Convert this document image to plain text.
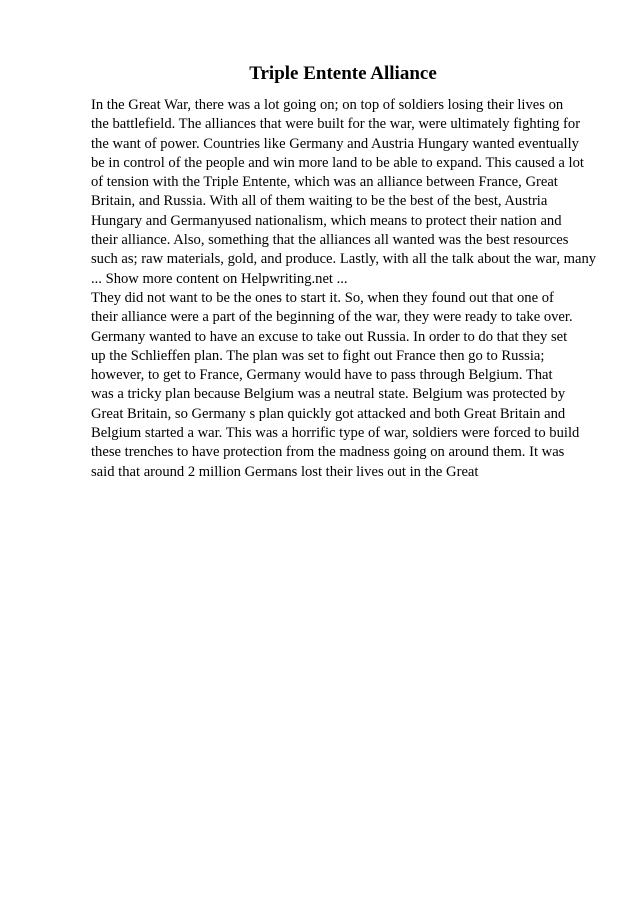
Triple Entente Alliance
In the Great War, there was a lot going on; on top of soldiers losing their lives on
the battlefield. The alliances that were built for the war, were ultimately fighting for
the want of power. Countries like Germany and Austria Hungary wanted eventually
be in control of the people and win more land to be able to expand. This caused a lot
of tension with the Triple Entente, which was an alliance between France, Great
Britain, and Russia. With all of them waiting to be the best of the best, Austria
Hungary and Germanyused nationalism, which means to protect their nation and
their alliance. Also, something that the alliances all wanted was the best resources
such as; raw materials, gold, and produce. Lastly, with all the talk about the war, many
... Show more content on Helpwriting.net ...
They did not want to be the ones to start it. So, when they found out that one of
their alliance were a part of the beginning of the war, they were ready to take over.
Germany wanted to have an excuse to take out Russia. In order to do that they set
up the Schlieffen plan. The plan was set to fight out France then go to Russia;
however, to get to France, Germany would have to pass through Belgium. That
was a tricky plan because Belgium was a neutral state. Belgium was protected by
Great Britain, so Germany s plan quickly got attacked and both Great Britain and
Belgium started a war. This was a horrific type of war, soldiers were forced to build
these trenches to have protection from the madness going on around them. It was
said that around 2 million Germans lost their lives out in the Great
